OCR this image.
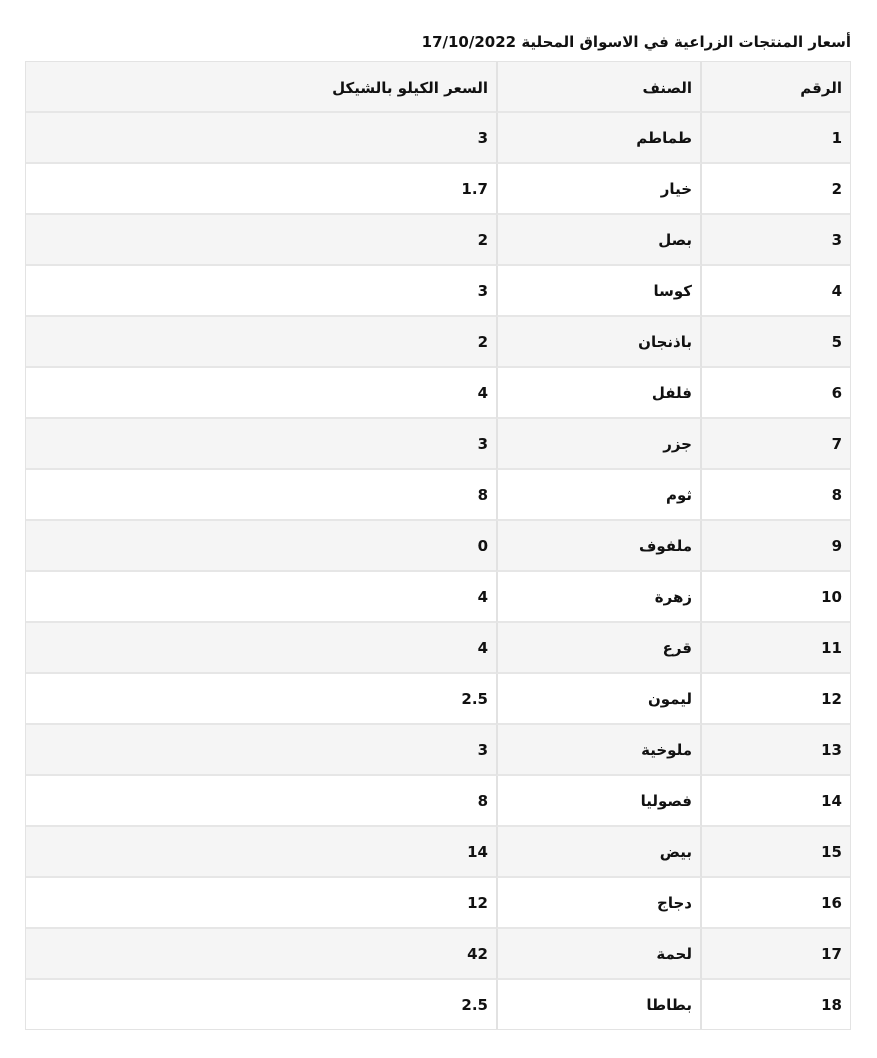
أسعار المنتجات الزراعية في الاسواق المحلية 17/10/2022
الرقم	الصنف	السعر الكيلو بالشيكل
1	طماطم	3
2	خيار	1.7
3	بصل	2
4	كوسا	3
5	باذنجان	2
6	فلفل	4
7	جزر	3
8	ثوم	8
9	ملفوف	0
10	زهرة	4
11	قرع	4
12	ليمون	2.5
13	ملوخية	3
14	فصوليا	8
15	بيض	14
16	دجاج	12
17	لحمة	42
18	بطاطا	2.5
